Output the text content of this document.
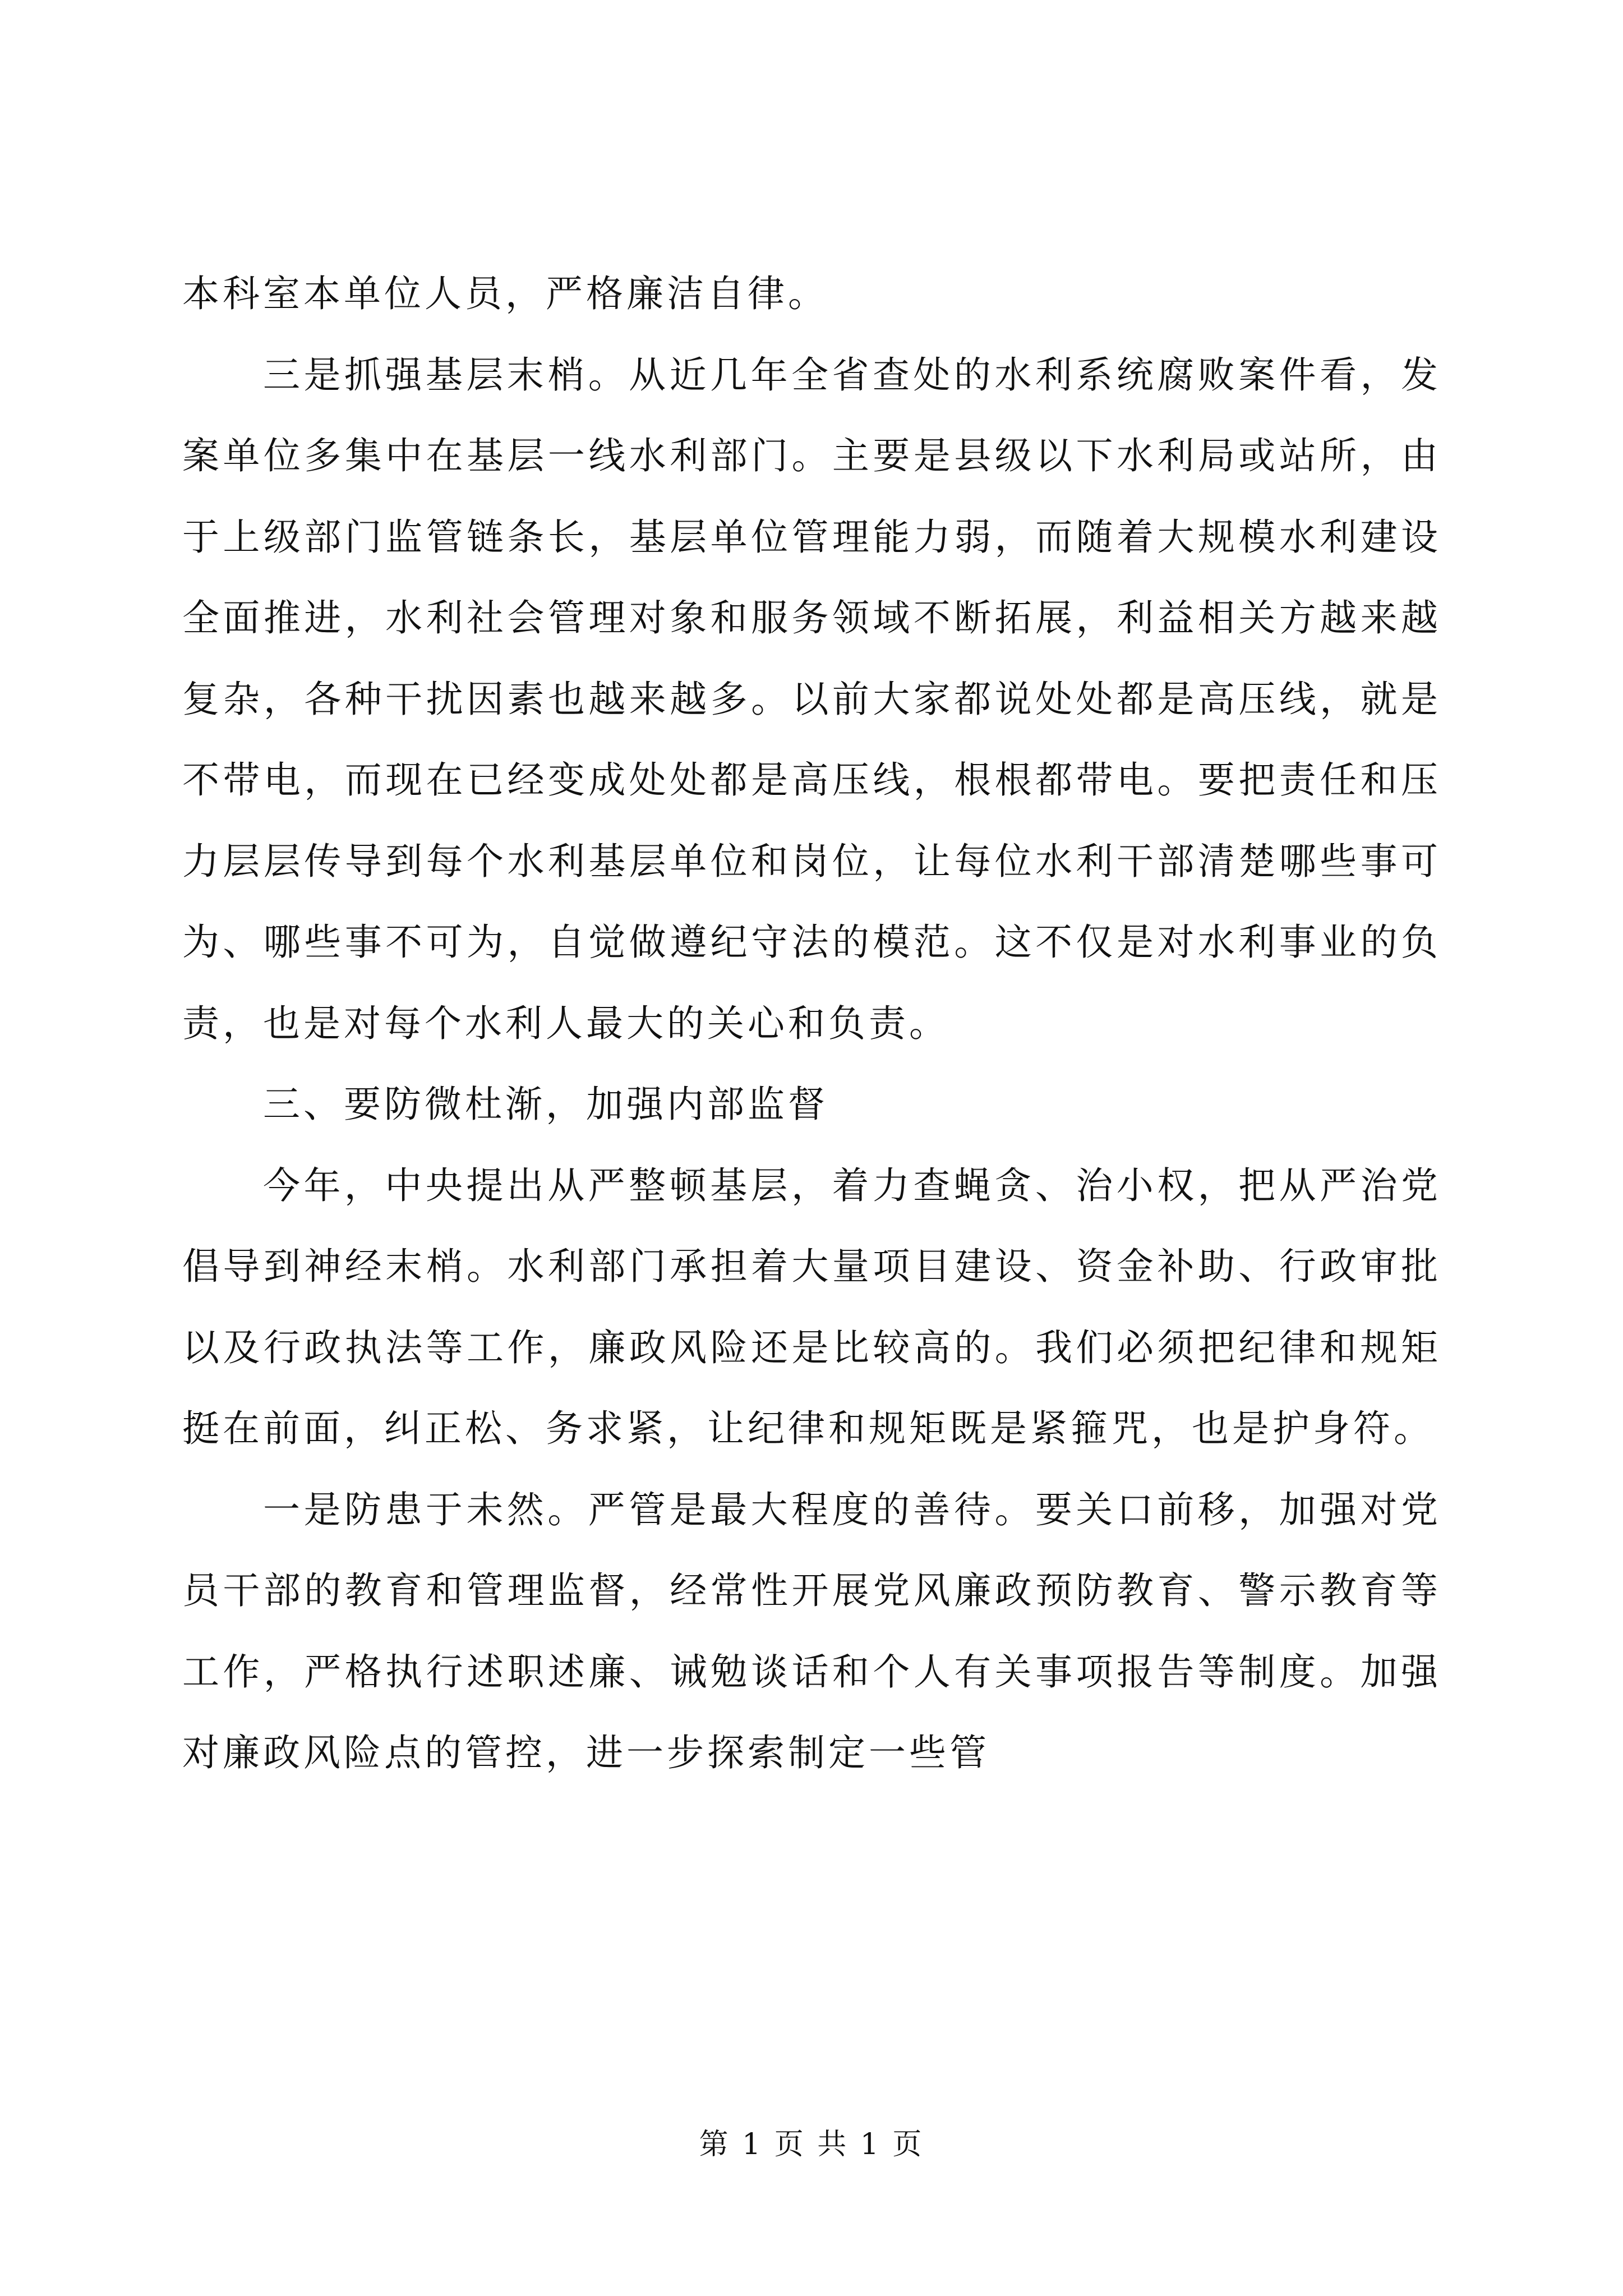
本科室本单位人员，严格廉洁自律。

三是抓强基层末梢。从近几年全省查处的水利系统腐败案件看，发案单位多集中在基层一线水利部门。主要是县级以下水利局或站所，由于上级部门监管链条长，基层单位管理能力弱，而随着大规模水利建设全面推进，水利社会管理对象和服务领域不断拓展，利益相关方越来越复杂，各种干扰因素也越来越多。以前大家都说处处都是高压线，就是不带电，而现在已经变成处处都是高压线，根根都带电。要把责任和压力层层传导到每个水利基层单位和岗位，让每位水利干部清楚哪些事可为、哪些事不可为，自觉做遵纪守法的模范。这不仅是对水利事业的负责，也是对每个水利人最大的关心和负责。

三、要防微杜渐，加强内部监督

今年，中央提出从严整顿基层，着力查蝇贪、治小权，把从严治党倡导到神经末梢。水利部门承担着大量项目建设、资金补助、行政审批以及行政执法等工作，廉政风险还是比较高的。我们必须把纪律和规矩挺在前面，纠正松、务求紧，让纪律和规矩既是紧箍咒，也是护身符。

一是防患于未然。严管是最大程度的善待。要关口前移，加强对党员干部的教育和管理监督，经常性开展党风廉政预防教育、警示教育等工作，严格执行述职述廉、诫勉谈话和个人有关事项报告等制度。加强对廉政风险点的管控，进一步探索制定一些管

第 1 页 共 1 页
